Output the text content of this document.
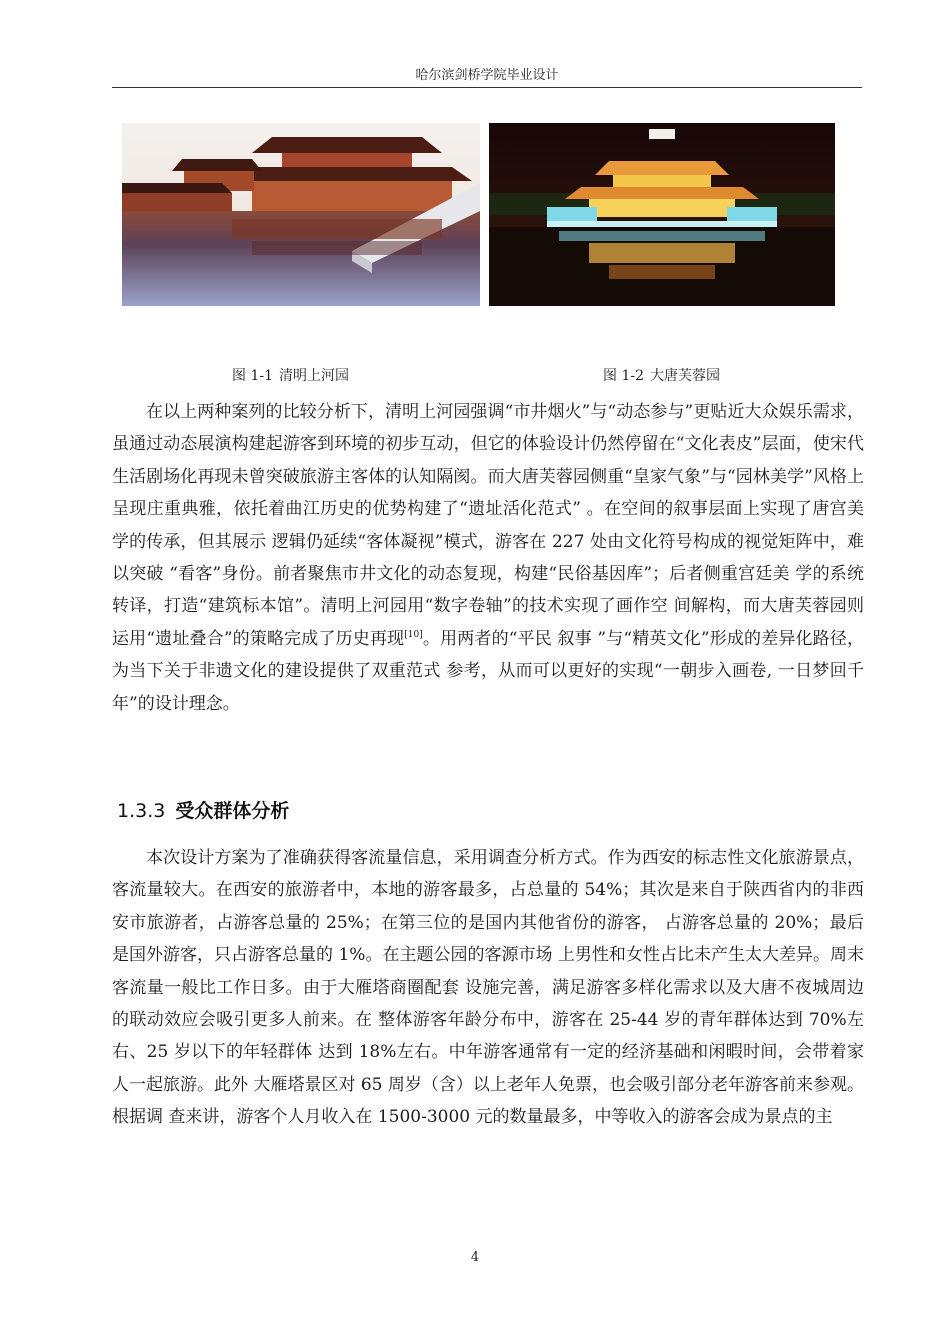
哈尔滨剑桥学院毕业设计
图 1-1 清明上河园	图 1-2 大唐芙蓉园

在以上两种案列的比较分析下，清明上河园强调“市井烟火”与“动态参与”更贴近大众娱乐需求，虽通过动态展演构建起游客到环境的初步互动，但它的体验设计仍然停留在“文化表皮”层面，使宋代生活剧场化再现未曾突破旅游主客体的认知隔阂。而大唐芙蓉园侧重“皇家气象”与“园林美学”风格上呈现庄重典雅，依托着曲江历史的优势构建了“遗址活化范式” 。在空间的叙事层面上实现了唐宫美学的传承，但其展示 逻辑仍延续“客体凝视”模式，游客在 227 处由文化符号构成的视觉矩阵中，难以突破 “看客”身份。前者聚焦市井文化的动态复现，构建“民俗基因库”；后者侧重宫廷美 学的系统转译，打造“建筑标本馆”。清明上河园用“数字卷轴”的技术实现了画作空 间解构，而大唐芙蓉园则运用“遗址叠合”的策略完成了历史再现[10]。用两者的“平民 叙事 ”与“精英文化”形成的差异化路径，为当下关于非遗文化的建设提供了双重范式 参考，从而可以更好的实现“一朝步入画卷, 一日梦回千年”的设计理念。

1.3.3 受众群体分析

本次设计方案为了准确获得客流量信息，采用调查分析方式。作为西安的标志性文化旅游景点，客流量较大。在西安的旅游者中，本地的游客最多，占总量的 54%；其次是来自于陕西省内的非西安市旅游者，占游客总量的 25%；在第三位的是国内其他省份的游客， 占游客总量的 20%；最后是国外游客，只占游客总量的 1%。在主题公园的客源市场 上男性和女性占比未产生太大差异。周末客流量一般比工作日多。由于大雁塔商圈配套 设施完善，满足游客多样化需求以及大唐不夜城周边的联动效应会吸引更多人前来。在 整体游客年龄分布中，游客在 25-44 岁的青年群体达到 70%左右、25 岁以下的年轻群体 达到 18%左右。中年游客通常有一定的经济基础和闲暇时间，会带着家人一起旅游。此外 大雁塔景区对 65 周岁（含）以上老年人免票，也会吸引部分老年游客前来参观。根据调 查来讲，游客个人月收入在 1500-3000 元的数量最多，中等收入的游客会成为景点的主

4
